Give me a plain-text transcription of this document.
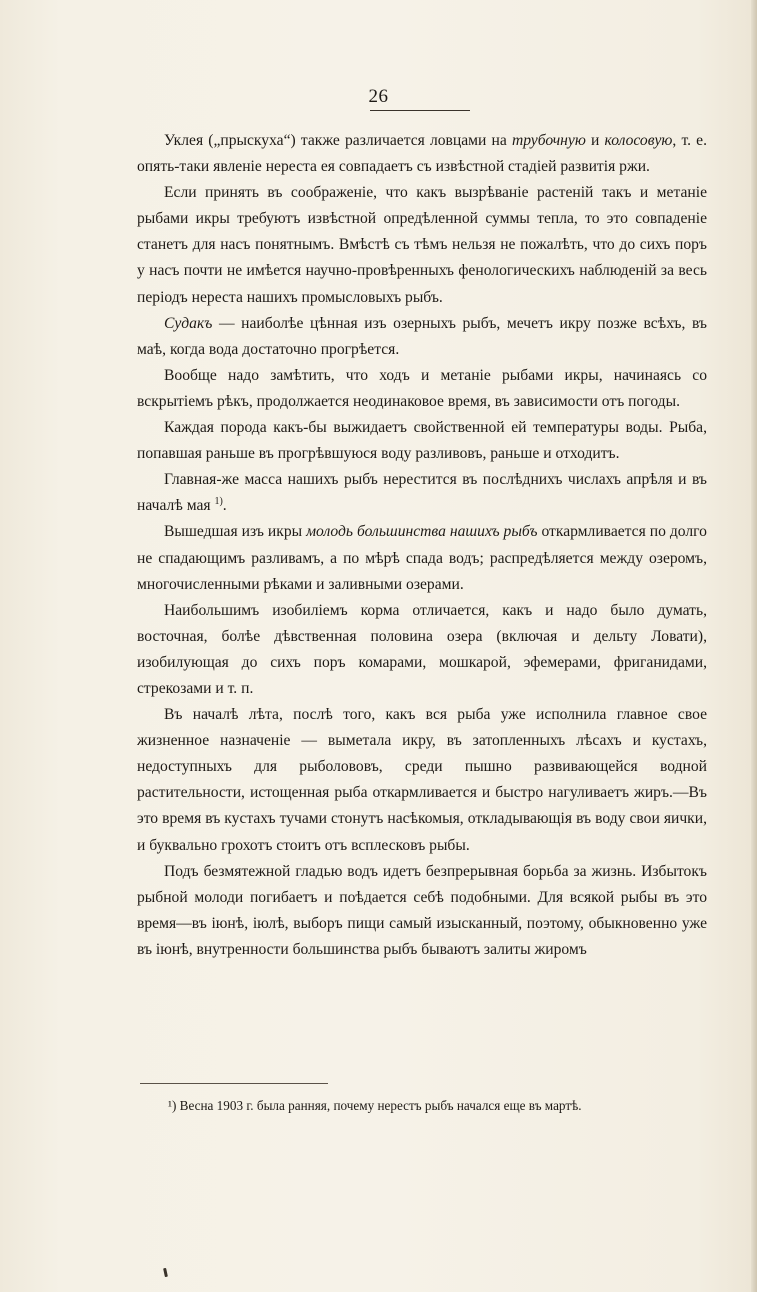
26

Уклея („прыскуха“) также различается ловцами на трубочную и колосовую, т. е. опять-таки явленіе нереста ея совпадаетъ съ извѣстной стадіей развитія ржи.

Если принять въ соображеніе, что какъ вызрѣваніе растеній такъ и метаніе рыбами икры требуютъ извѣстной опредѣленной суммы тепла, то это совпаденіе станетъ для насъ понятнымъ. Вмѣстѣ съ тѣмъ нельзя не пожалѣть, что до сихъ поръ у насъ почти не имѣется научно-провѣренныхъ фенологическихъ наблюденій за весь періодъ нереста нашихъ промысловыхъ рыбъ.

Судакъ — наиболѣе цѣнная изъ озерныхъ рыбъ, мечетъ икру позже всѣхъ, въ маѣ, когда вода достаточно прогрѣется.

Вообще надо замѣтить, что ходъ и метаніе рыбами икры, начинаясь со вскрытіемъ рѣкъ, продолжается неодинаковое время, въ зависимости отъ погоды.

Каждая порода какъ-бы выжидаетъ свойственной ей температуры воды. Рыба, попавшая раньше въ прогрѣвшуюся воду разливовъ, раньше и отходитъ.

Главная-же масса нашихъ рыбъ нерестится въ послѣднихъ числахъ апрѣля и въ началѣ мая $^{1)}$.

Вышедшая изъ икры молодь большинства нашихъ рыбъ откармливается по долго не спадающимъ разливамъ, а по мѣрѣ спада водъ; распредѣляется между озеромъ, многочисленными рѣками и заливными озерами.

Наибольшимъ изобиліемъ корма отличается, какъ и надо было думать, восточная, болѣе дѣвственная половина озера (включая и дельту Ловати), изобилующая до сихъ поръ комарами, мошкарой, эфемерами, фриганидами, стрекозами и т. п.

Въ началѣ лѣта, послѣ того, какъ вся рыба уже исполнила главное свое жизненное назначеніе — выметала икру, въ затопленныхъ лѣсахъ и кустахъ, недоступныхъ для рыболововъ, среди пышно развивающейся водной растительности, истощенная рыба откармливается и быстро нагуливаетъ жиръ.—Въ это время въ кустахъ тучами стонутъ насѣкомыя, откладывающія въ воду свои яички, и буквально грохотъ стоитъ отъ всплесковъ рыбы.

Подъ безмятежной гладью водъ идетъ безпрерывная борьба за жизнь. Избытокъ рыбной молоди погибаетъ и поѣдается себѣ подобными. Для всякой рыбы въ это время—въ іюнѣ, іюлѣ, выборъ пищи самый изысканный, поэтому, обыкновенно уже въ іюнѣ, внутренности большинства рыбъ бываютъ залиты жиромъ

¹) Весна 1903 г. была ранняя, почему нерестъ рыбъ начался еще въ мартѣ.
